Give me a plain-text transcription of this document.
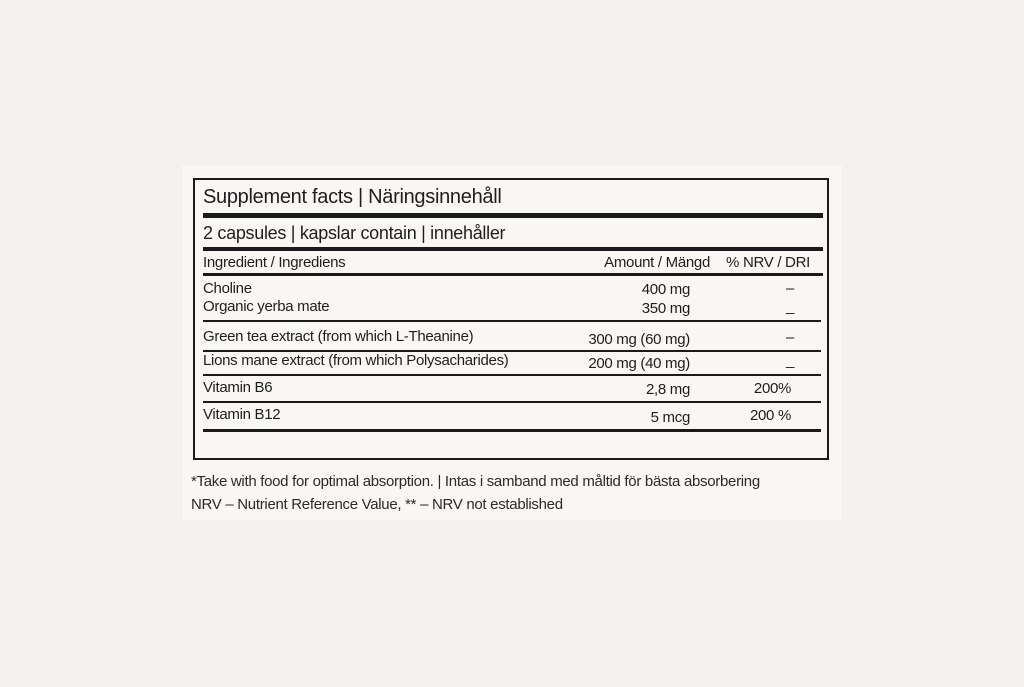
Supplement facts | Näringsinnehåll
2 capsules | kapslar contain | innehåller
Ingredient / Ingrediens	Amount / Mängd	% NRV / DRI
Choline	400 mg	–
Organic yerba mate	350 mg	_
Green tea extract (from which L-Theanine)	300 mg (60 mg)	–
Lions mane extract (from which Polysacharides)	200 mg (40 mg)	_
Vitamin B6	2,8 mg	200%
Vitamin B12	5 mcg	200 %
*Take with food for optimal absorption. | Intas i samband med måltid för bästa absorbering
NRV – Nutrient Reference Value, ** – NRV not established
